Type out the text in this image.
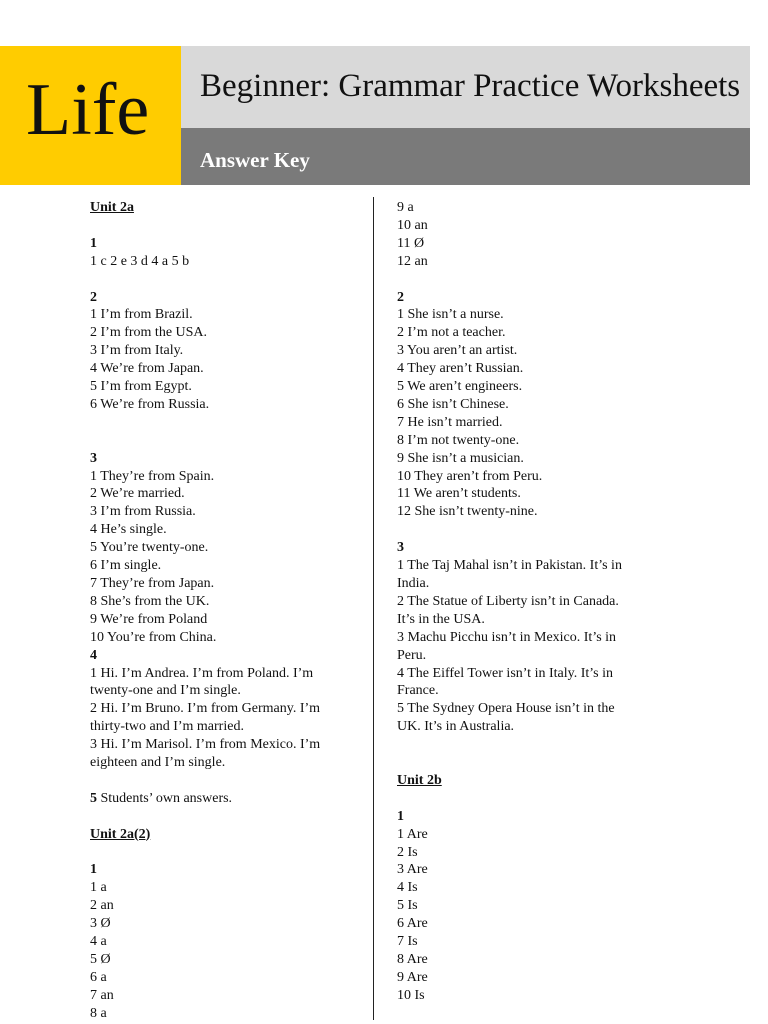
Life Beginner: Grammar Practice Worksheets
Answer Key
Unit 2a
1
1 c 2 e 3 d 4 a 5 b
2
1 I’m from Brazil.
2 I’m from the USA.
3 I’m from Italy.
4 We’re from Japan.
5 I’m from Egypt.
6 We’re from Russia.
3
1 They’re from Spain.
2 We’re married.
3 I’m from Russia.
4 He’s single.
5 You’re twenty-one.
6 I’m single.
7 They’re from Japan.
8 She’s from the UK.
9 We’re from Poland
10 You’re from China.
4
1 Hi. I’m Andrea. I’m from Poland. I’m
twenty-one and I’m single.
2 Hi. I’m Bruno. I’m from Germany. I’m
thirty-two and I’m married.
3 Hi. I’m Marisol. I’m from Mexico. I’m
eighteen and I’m single.
5 Students’ own answers.
Unit 2a(2)
1
1 a
2 an
3 Ø
4 a
5 Ø
6 a
7 an
8 a
9 a
10 an
11 Ø
12 an
2
1 She isn’t a nurse.
2 I’m not a teacher.
3 You aren’t an artist.
4 They aren’t Russian.
5 We aren’t engineers.
6 She isn’t Chinese.
7 He isn’t married.
8 I’m not twenty-one.
9 She isn’t a musician.
10 They aren’t from Peru.
11 We aren’t students.
12 She isn’t twenty-nine.
3
1 The Taj Mahal isn’t in Pakistan. It’s in
India.
2 The Statue of Liberty isn’t in Canada.
It’s in the USA.
3 Machu Picchu isn’t in Mexico. It’s in
Peru.
4 The Eiffel Tower isn’t in Italy. It’s in
France.
5 The Sydney Opera House isn’t in the
UK. It’s in Australia.
Unit 2b
1
1 Are
2 Is
3 Are
4 Is
5 Is
6 Are
7 Is
8 Are
9 Are
10 Is
